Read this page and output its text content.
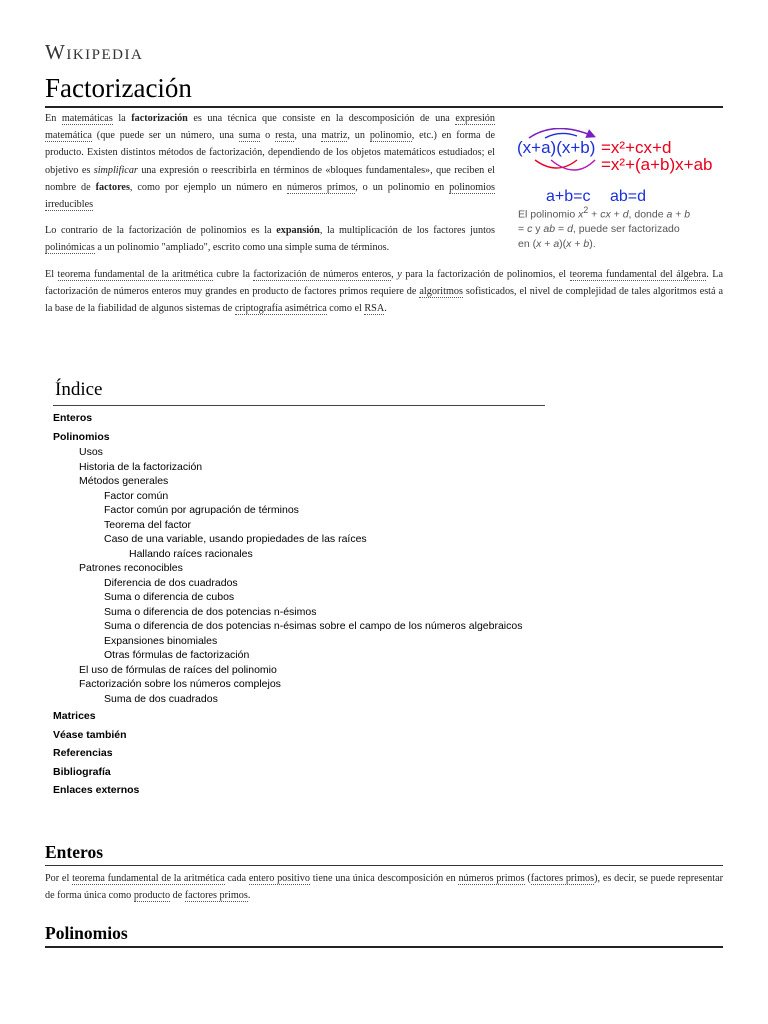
Wikipedia
Factorización
En matemáticas la factorización es una técnica que consiste en la descomposición de una expresión matemática (que puede ser un número, una suma o resta, una matriz, un polinomio, etc.) en forma de producto. Existen distintos métodos de factorización, dependiendo de los objetos matemáticos estudiados; el objetivo es simplificar una expresión o reescribirla en términos de «bloques fundamentales», que reciben el nombre de factores, como por ejemplo un número en números primos, o un polinomio en polinomios irreducibles
Lo contrario de la factorización de polinomios es la expansión, la multiplicación de los factores juntos polinómicas a un polinomio "ampliado", escrito como una simple suma de términos.
El teorema fundamental de la aritmética cubre la factorización de números enteros, y para la factorización de polinomios, el teorema fundamental del álgebra. La factorización de números enteros muy grandes en producto de factores primos requiere de algoritmos sofisticados, el nivel de complejidad de tales algoritmos está a la base de la fiabilidad de algunos sistemas de criptografía asimétrica como el RSA.
(x+a)(x+b) =x²+cx+d
=x²+(a+b)x+ab
a+b=c ab=d
El polinomio $x^2$ + cx + d, donde a + b = c y ab = d, puede ser factorizado en (x + a)(x + b).
Índice
Enteros
Polinomios
Usos
Historia de la factorización
Métodos generales
Factor común
Factor común por agrupación de términos
Teorema del factor
Caso de una variable, usando propiedades de las raíces
Hallando raíces racionales
Patrones reconocibles
Diferencia de dos cuadrados
Suma o diferencia de cubos
Suma o diferencia de dos potencias n-ésimos
Suma o diferencia de dos potencias n-ésimas sobre el campo de los números algebraicos
Expansiones binomiales
Otras fórmulas de factorización
El uso de fórmulas de raíces del polinomio
Factorización sobre los números complejos
Suma de dos cuadrados
Matrices
Véase también
Referencias
Bibliografía
Enlaces externos
Enteros
Por el teorema fundamental de la aritmética cada entero positivo tiene una única descomposición en números primos (factores primos), es decir, se puede representar de forma única como producto de factores primos.
Polinomios
